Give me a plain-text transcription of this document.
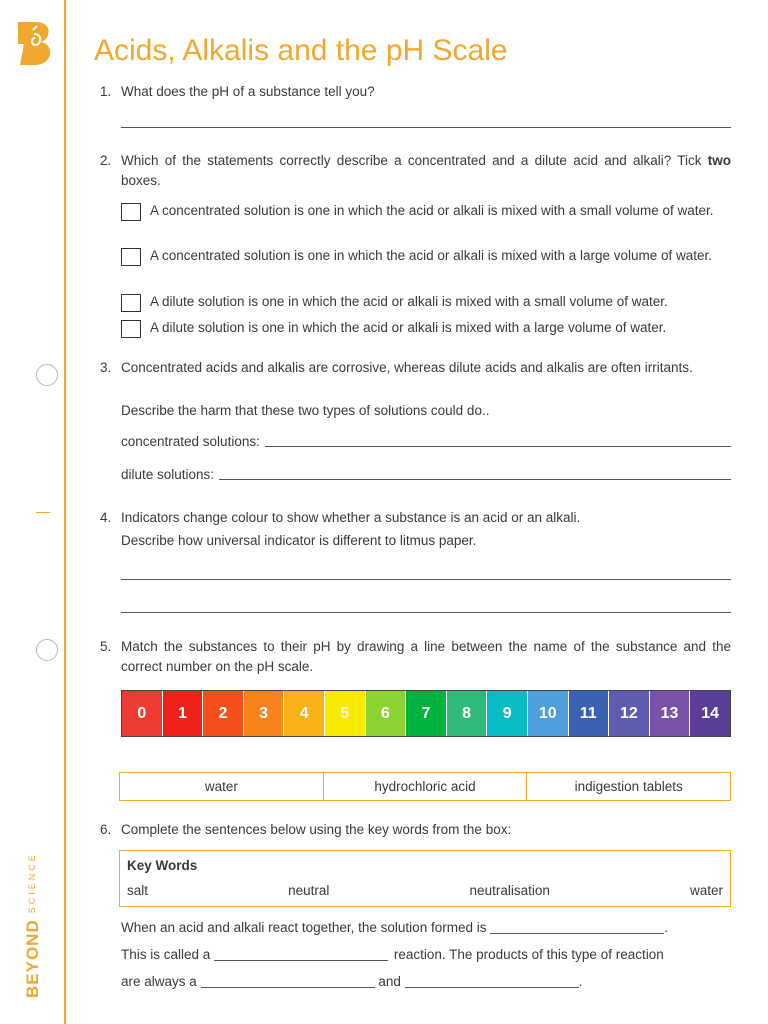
$BEYOND^{SCIENCE}$
Acids, Alkalis and the pH Scale
1. What does the pH of a substance tell you?
2. Which of the statements correctly describe a concentrated and a dilute acid and alkali? Tick two boxes.
A concentrated solution is one in which the acid or alkali is mixed with a small volume of water.
A concentrated solution is one in which the acid or alkali is mixed with a large volume of water.
A dilute solution is one in which the acid or alkali is mixed with a small volume of water.
A dilute solution is one in which the acid or alkali is mixed with a large volume of water.
3. Concentrated acids and alkalis are corrosive, whereas dilute acids and alkalis are often irritants.
Describe the harm that these two types of solutions could do..
concentrated solutions:
dilute solutions:
4. Indicators change colour to show whether a substance is an acid or an alkali.
Describe how universal indicator is different to litmus paper.
5. Match the substances to their pH by drawing a line between the name of the substance and the correct number on the pH scale.
0	1	2	3	4	5	6	7	8	9	10	11	12	13	14
water	hydrochloric acid	indigestion tablets
6. Complete the sentences below using the key words from the box:
Key Words
salt	neutral	neutralisation	water
When an acid and alkali react together, the solution formed is	.
This is called a	reaction. The products of this type of reaction
are always a	and	.
